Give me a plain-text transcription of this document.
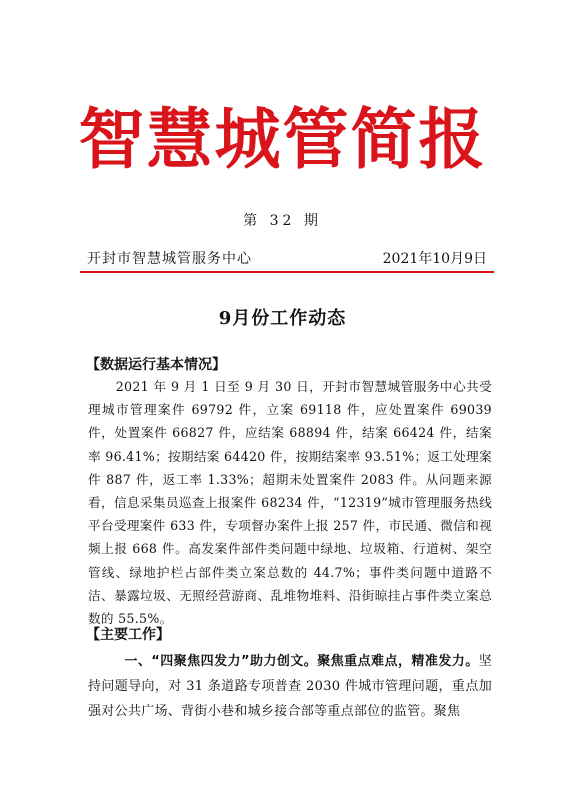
智慧城管简报
第 32 期
开封市智慧城管服务中心	2021年10月9日
9月份工作动态
【数据运行基本情况】
2021 年 9 月 1 日至 9 月 30 日，开封市智慧城管服务中心共受理城市管理案件 69792 件，立案 69118 件，应处置案件 69039 件，处置案件 66827 件，应结案 68894 件，结案 66424 件，结案率 96.41%；按期结案 64420 件，按期结案率 93.51%；返工处理案件 887 件，返工率 1.33%；超期未处置案件 2083 件。从问题来源看，信息采集员巡查上报案件 68234 件，“12319”城市管理服务热线平台受理案件 633 件，专项督办案件上报 257 件，市民通、微信和视频上报 668 件。高发案件部件类问题中绿地、垃圾箱、行道树、架空管线、绿地护栏占部件类立案总数的 44.7%；事件类问题中道路不洁、暴露垃圾、无照经营游商、乱堆物堆料、沿街晾挂占事件类立案总数的 55.5%。
【主要工作】
一、“四聚焦四发力”助力创文。聚焦重点难点，精准发力。坚持问题导向，对 31 条道路专项普查 2030 件城市管理问题，重点加强对公共广场、背街小巷和城乡接合部等重点部位的监管。聚焦
